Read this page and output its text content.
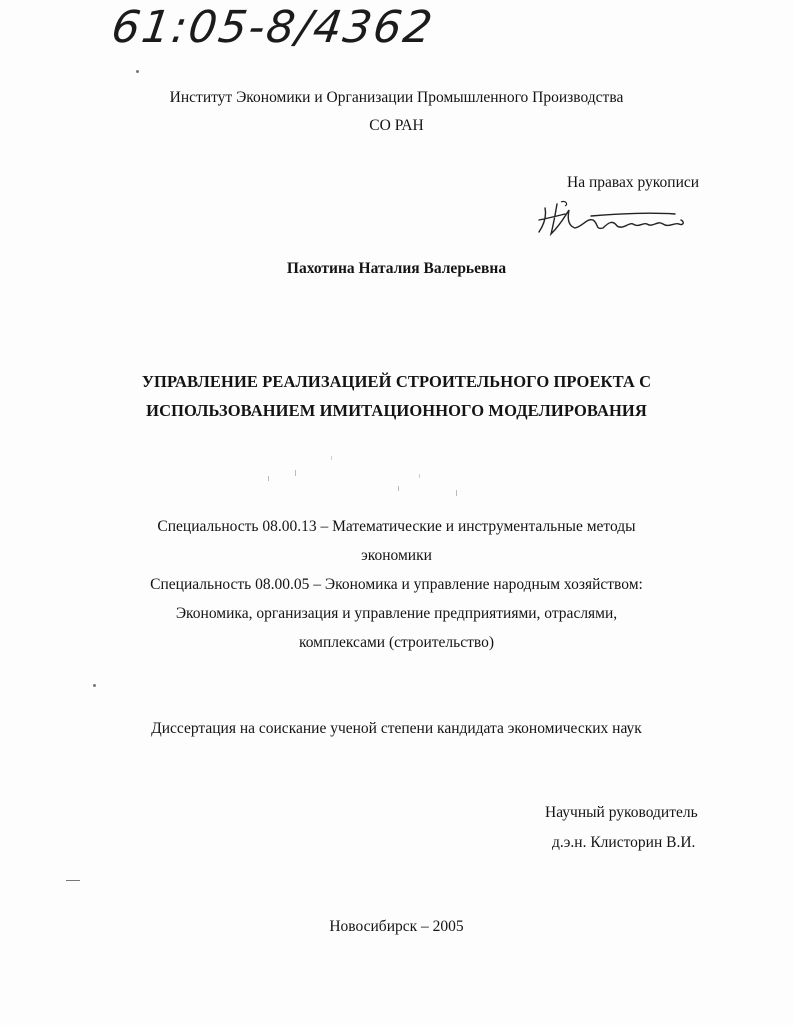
61:05-8/4362
Институт Экономики и Организации Промышленного Производства
СО РАН
На правах рукописи
Пахотина Наталия Валерьевна
УПРАВЛЕНИЕ РЕАЛИЗАЦИЕЙ СТРОИТЕЛЬНОГО ПРОЕКТА С
ИСПОЛЬЗОВАНИЕМ ИМИТАЦИОННОГО МОДЕЛИРОВАНИЯ
Специальность 08.00.13 – Математические и инструментальные методы
экономики
Специальность 08.00.05 – Экономика и управление народным хозяйством:
Экономика, организация и управление предприятиями, отраслями,
комплексами (строительство)
Диссертация на соискание ученой степени кандидата экономических наук
Научный руководитель
д.э.н. Клисторин В.И.
Новосибирск – 2005
